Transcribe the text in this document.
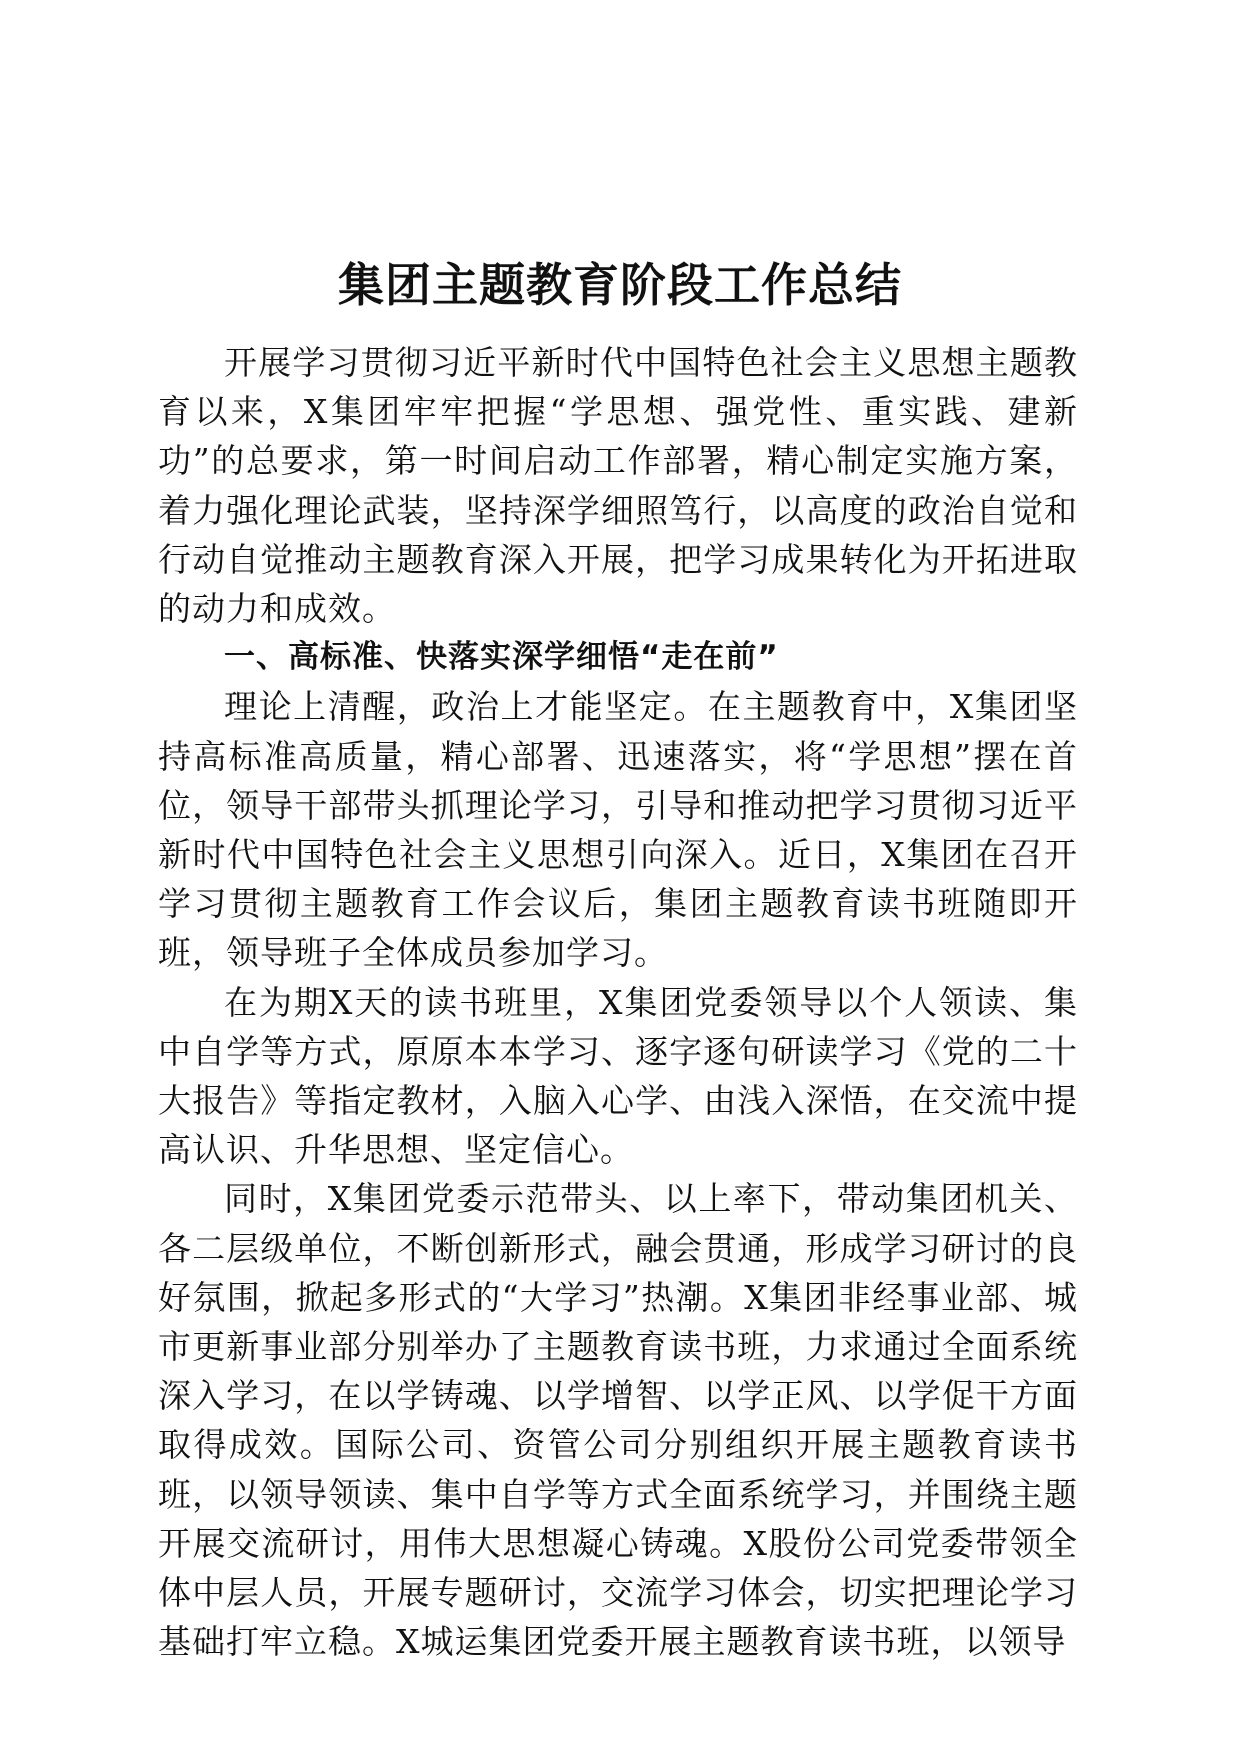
集团主题教育阶段工作总结

开展学习贯彻习近平新时代中国特色社会主义思想主题教育以来，X集团牢牢把握“学思想、强党性、重实践、建新功”的总要求，第一时间启动工作部署，精心制定实施方案，着力强化理论武装，坚持深学细照笃行，以高度的政治自觉和行动自觉推动主题教育深入开展，把学习成果转化为开拓进取的动力和成效。

一、高标准、快落实深学细悟“走在前”

理论上清醒，政治上才能坚定。在主题教育中，X集团坚持高标准高质量，精心部署、迅速落实，将“学思想”摆在首位，领导干部带头抓理论学习，引导和推动把学习贯彻习近平新时代中国特色社会主义思想引向深入。近日，X集团在召开学习贯彻主题教育工作会议后，集团主题教育读书班随即开班，领导班子全体成员参加学习。

在为期X天的读书班里，X集团党委领导以个人领读、集中自学等方式，原原本本学习、逐字逐句研读学习《党的二十大报告》等指定教材，入脑入心学、由浅入深悟，在交流中提高认识、升华思想、坚定信心。

同时，X集团党委示范带头、以上率下，带动集团机关、各二层级单位，不断创新形式，融会贯通，形成学习研讨的良好氛围，掀起多形式的“大学习”热潮。X集团非经事业部、城市更新事业部分别举办了主题教育读书班，力求通过全面系统深入学习，在以学铸魂、以学增智、以学正风、以学促干方面取得成效。国际公司、资管公司分别组织开展主题教育读书班，以领导领读、集中自学等方式全面系统学习，并围绕主题开展交流研讨，用伟大思想凝心铸魂。X股份公司党委带领全体中层人员，开展专题研讨，交流学习体会，切实把理论学习基础打牢立稳。X城运集团党委开展主题教育读书班，以领导
